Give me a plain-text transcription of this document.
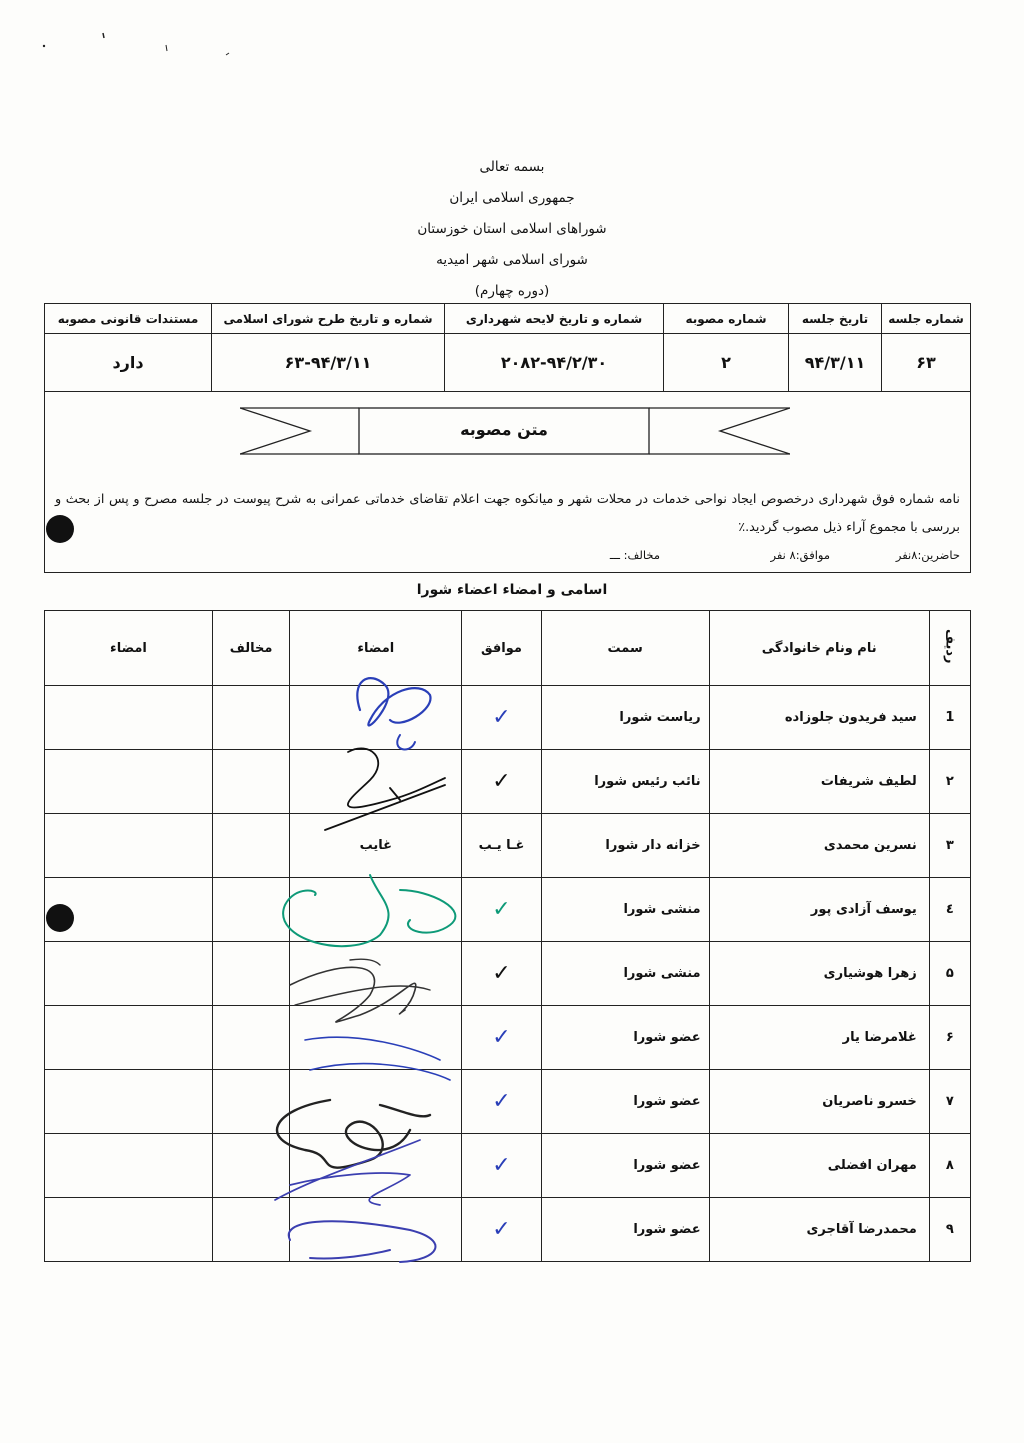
بسمه تعالی
جمهوری اسلامی ایران
شوراهای اسلامی استان خوزستان
شورای اسلامی شهر امیدیه
(دوره چهارم)
شماره جلسه	تاریخ جلسه	شماره مصوبه	شماره و تاریخ لایحه شهرداری	شماره و تاریخ طرح شورای اسلامی	مستندات قانونی مصوبه
۶۳	۹۴/۳/۱۱	۲	۲۰۸۲-۹۴/۲/۳۰	۶۳-۹۴/۳/۱۱	دارد
متن مصوبه
نامه شماره فوق شهرداری درخصوص ایجاد نواحی خدمات در محلات شهر و میانکوه جهت اعلام تقاضای خدماتی عمرانی به شرح پیوست در جلسه مصرح و پس از بحث و بررسی با مجموع آراء ذیل مصوب گردید.٪
حاضرین:۸نفر
موافق:۸ نفر
مخالف: ـــ
اسامی و امضاء اعضاء شورا
ردیف	نام ونام خانوادگی	سمت	موافق	امضاء	مخالف	امضاء
1	سید فریدون جلوزاده	ریاست شورا	✓			
۲	لطیف شریفات	نائب رئیس شورا	✓			
۳	نسرین محمدی	خزانه دار شورا	غـا یـب	غایب		
٤	یوسف آزادی پور	منشی شورا	✓			
۵	زهرا هوشیاری	منشی شورا	✓			
۶	غلامرضا یار	عضو شورا	✓			
۷	خسرو ناصریان	عضو شورا	✓			
۸	مهران افضلی	عضو شورا	✓			
۹	محمدرضا آقاجری	عضو شورا	✓			
